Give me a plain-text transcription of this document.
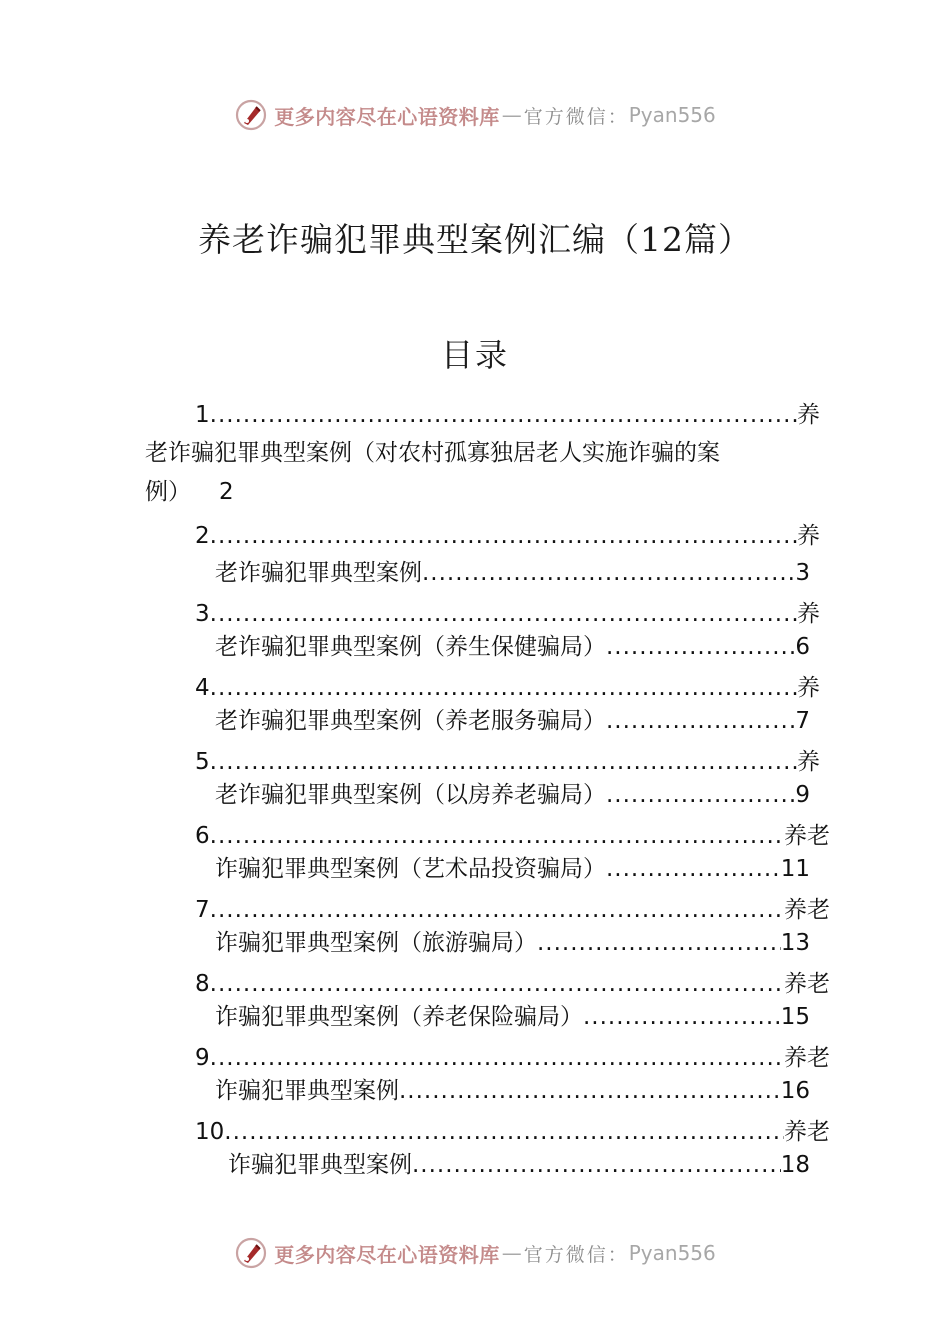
更多内容尽在心语资料库 — 官方微信： Pyan556
养老诈骗犯罪典型案例汇编（12篇）
目录
1 .....	养
老诈骗犯罪典型案例（对农村孤寡独居老人实施诈骗的案
例） 2
2 .....	养
老诈骗犯罪典型案例 .....	3
3 .....	养
老诈骗犯罪典型案例（养生保健骗局） .....	6
4 .....	养
老诈骗犯罪典型案例（养老服务骗局） .....	7
5 .....	养
老诈骗犯罪典型案例（以房养老骗局） .....	9
6 .....	养老
诈骗犯罪典型案例（艺术品投资骗局） .....	11
7 .....	养老
诈骗犯罪典型案例（旅游骗局） .....	13
8 .....	养老
诈骗犯罪典型案例（养老保险骗局） .....	15
9 .....	养老
诈骗犯罪典型案例 .....	16
10 .....	养老
诈骗犯罪典型案例 .....	18
更多内容尽在心语资料库 — 官方微信： Pyan556
